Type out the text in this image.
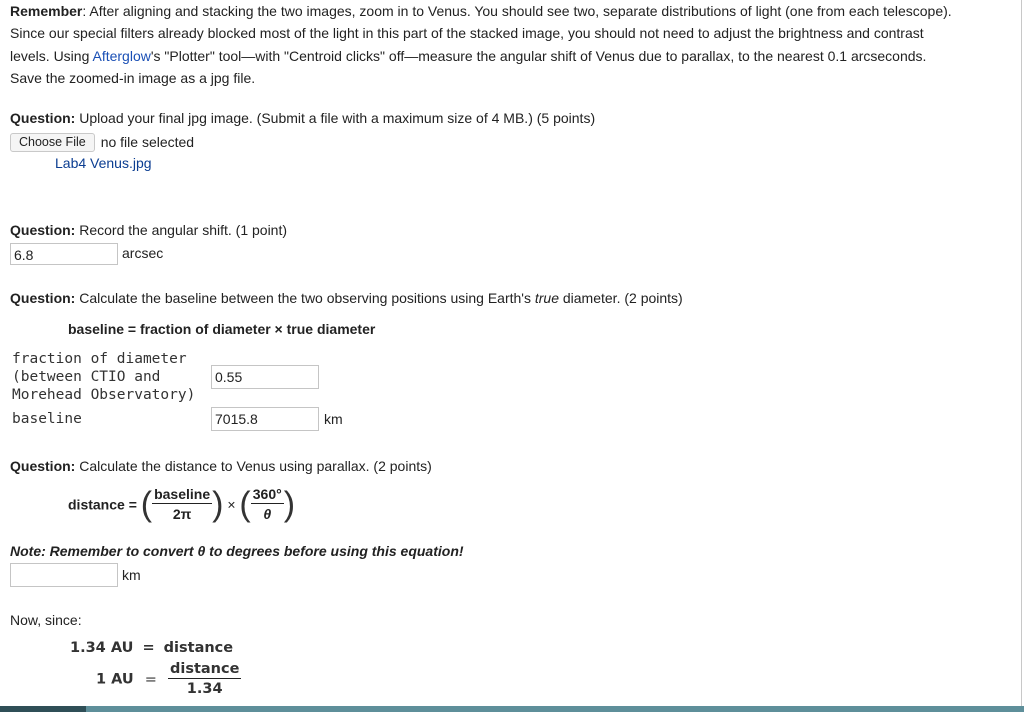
Remember: After aligning and stacking the two images, zoom in to Venus. You should see two, separate distributions of light (one from each telescope).

Since our special filters already blocked most of the light in this part of the stacked image, you should not need to adjust the brightness and contrast

levels. Using Afterglow's "Plotter" tool—with "Centroid clicks" off—measure the angular shift of Venus due to parallax, to the nearest 0.1 arcseconds.

Save the zoomed-in image as a jpg file.

Question: Upload your final jpg image. (Submit a file with a maximum size of 4 MB.) (5 points)
Choose File	no file selected
Lab4 Venus.jpg
Question: Record the angular shift. (1 point)
6.8	arcsec
Question: Calculate the baseline between the two observing positions using Earth's true diameter. (2 points)
baseline = fraction of diameter × true diameter
fraction of diameter
(between CTIO and
Morehead Observatory)
0.55
baseline	7015.8	km
Question: Calculate the distance to Venus using parallax. (2 points)
distance = ( $\frac{\text{baseline}}{2\pi}$ ) × ( $\frac{360^\circ}{\theta}$ )
Note: Remember to convert θ to degrees before using this equation!
km
Now, since:
1.34 AU = distance
1 AU = $\frac{\text{distance}}{1.34}$
